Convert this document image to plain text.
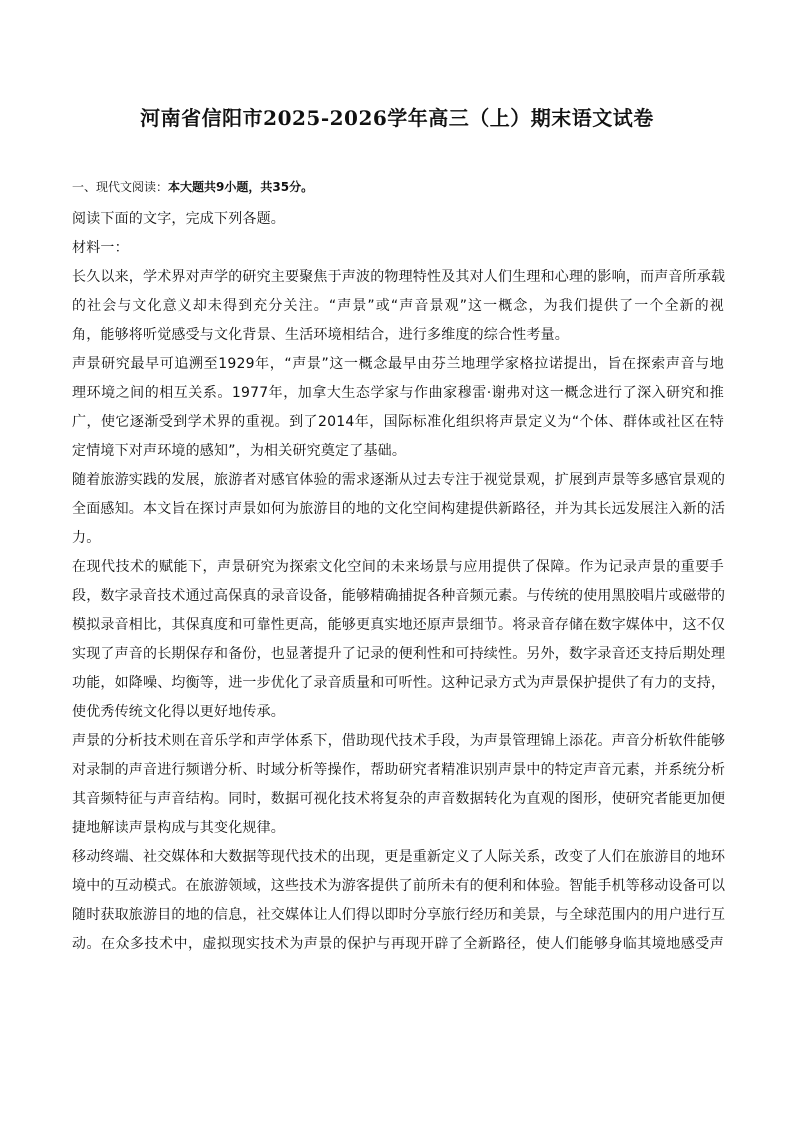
河南省信阳市2025-2026学年高三（上）期末语文试卷
一、现代文阅读：本大题共9小题，共35分。
阅读下面的文字，完成下列各题。
材料一：
长久以来，学术界对声学的研究主要聚焦于声波的物理特性及其对人们生理和心理的影响，而声音所承载
的社会与文化意义却未得到充分关注。“声景”或“声音景观”这一概念，为我们提供了一个全新的视
角，能够将听觉感受与文化背景、生活环境相结合，进行多维度的综合性考量。
声景研究最早可追溯至1929年，“声景”这一概念最早由芬兰地理学家格拉诺提出，旨在探索声音与地
理环境之间的相互关系。1977年，加拿大生态学家与作曲家穆雷·谢弗对这一概念进行了深入研究和推
广，使它逐渐受到学术界的重视。到了2014年，国际标准化组织将声景定义为“个体、群体或社区在特
定情境下对声环境的感知”，为相关研究奠定了基础。
随着旅游实践的发展，旅游者对感官体验的需求逐渐从过去专注于视觉景观，扩展到声景等多感官景观的
全面感知。本文旨在探讨声景如何为旅游目的地的文化空间构建提供新路径，并为其长远发展注入新的活
力。
在现代技术的赋能下，声景研究为探索文化空间的未来场景与应用提供了保障。作为记录声景的重要手
段，数字录音技术通过高保真的录音设备，能够精确捕捉各种音频元素。与传统的使用黑胶唱片或磁带的
模拟录音相比，其保真度和可靠性更高，能够更真实地还原声景细节。将录音存储在数字媒体中，这不仅
实现了声音的长期保存和备份，也显著提升了记录的便利性和可持续性。另外，数字录音还支持后期处理
功能，如降噪、均衡等，进一步优化了录音质量和可听性。这种记录方式为声景保护提供了有力的支持，
使优秀传统文化得以更好地传承。
声景的分析技术则在音乐学和声学体系下，借助现代技术手段，为声景管理锦上添花。声音分析软件能够
对录制的声音进行频谱分析、时域分析等操作，帮助研究者精准识别声景中的特定声音元素，并系统分析
其音频特征与声音结构。同时，数据可视化技术将复杂的声音数据转化为直观的图形，使研究者能更加便
捷地解读声景构成与其变化规律。
移动终端、社交媒体和大数据等现代技术的出现，更是重新定义了人际关系，改变了人们在旅游目的地环
境中的互动模式。在旅游领域，这些技术为游客提供了前所未有的便利和体验。智能手机等移动设备可以
随时获取旅游目的地的信息，社交媒体让人们得以即时分享旅行经历和美景，与全球范围内的用户进行互
动。在众多技术中，虚拟现实技术为声景的保护与再现开辟了全新路径，使人们能够身临其境地感受声
